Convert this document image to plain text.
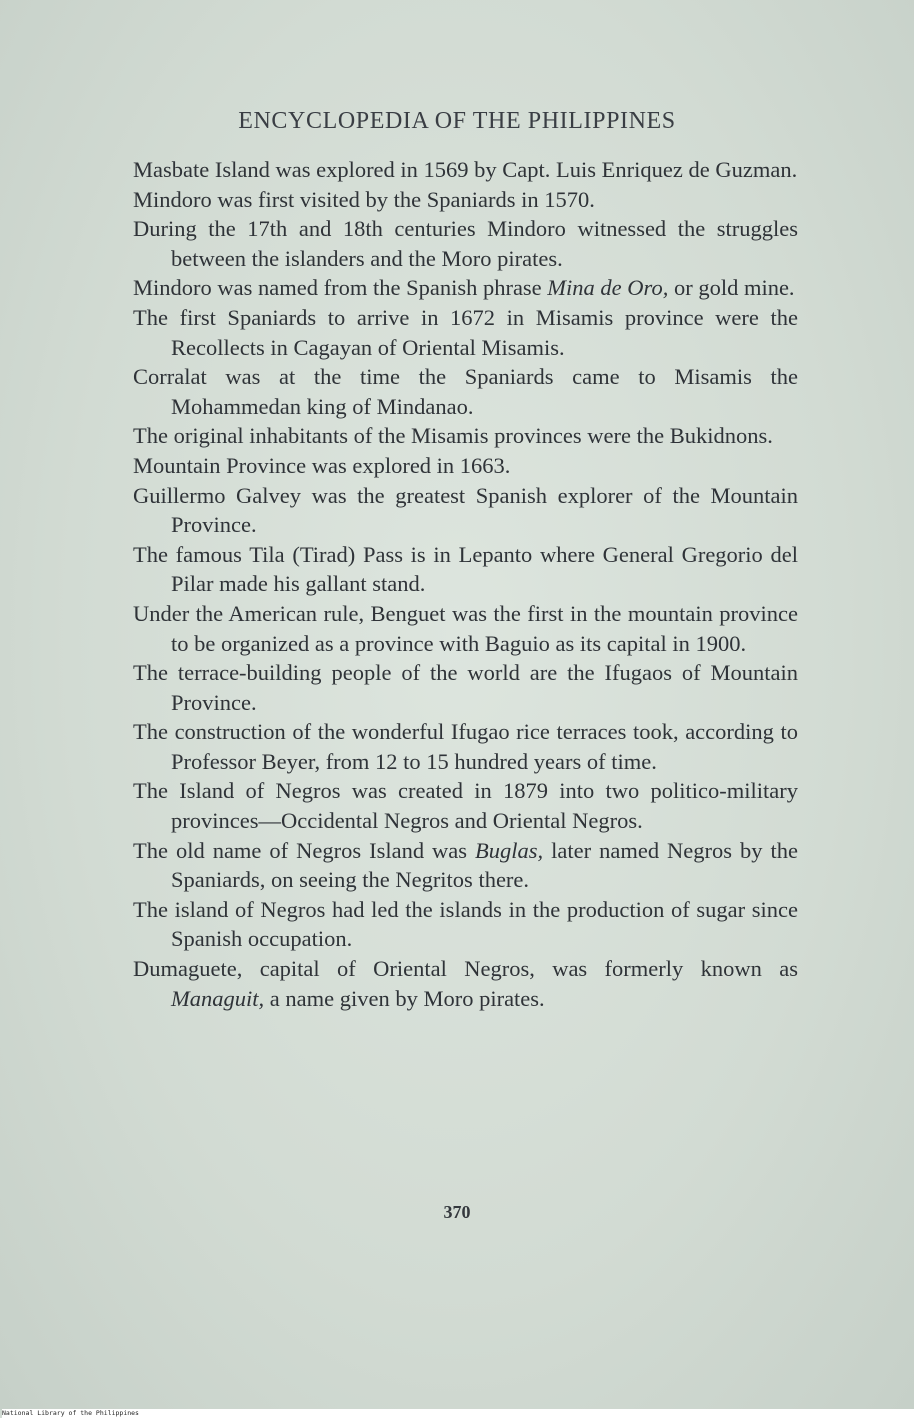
ENCYCLOPEDIA OF THE PHILIPPINES

Masbate Island was explored in 1569 by Capt. Luis Enriquez de Guzman.

Mindoro was first visited by the Spaniards in 1570.

During the 17th and 18th centuries Mindoro witnessed the struggles between the islanders and the Moro pirates.

Mindoro was named from the Spanish phrase Mina de Oro, or gold mine.

The first Spaniards to arrive in 1672 in Misamis province were the Recollects in Cagayan of Oriental Misamis.

Corralat was at the time the Spaniards came to Misamis the Mohammedan king of Mindanao.

The original inhabitants of the Misamis provinces were the Bukidnons.

Mountain Province was explored in 1663.

Guillermo Galvey was the greatest Spanish explorer of the Mountain Province.

The famous Tila (Tirad) Pass is in Lepanto where General Gregorio del Pilar made his gallant stand.

Under the American rule, Benguet was the first in the mountain province to be organized as a province with Baguio as its capital in 1900.

The terrace-building people of the world are the Ifugaos of Mountain Province.

The construction of the wonderful Ifugao rice terraces took, according to Professor Beyer, from 12 to 15 hundred years of time.

The Island of Negros was created in 1879 into two politico-military provinces—Occidental Negros and Oriental Negros.

The old name of Negros Island was Buglas, later named Negros by the Spaniards, on seeing the Negritos there.

The island of Negros had led the islands in the production of sugar since Spanish occupation.

Dumaguete, capital of Oriental Negros, was formerly known as Managuit, a name given by Moro pirates.

370
National Library of the Philippines
